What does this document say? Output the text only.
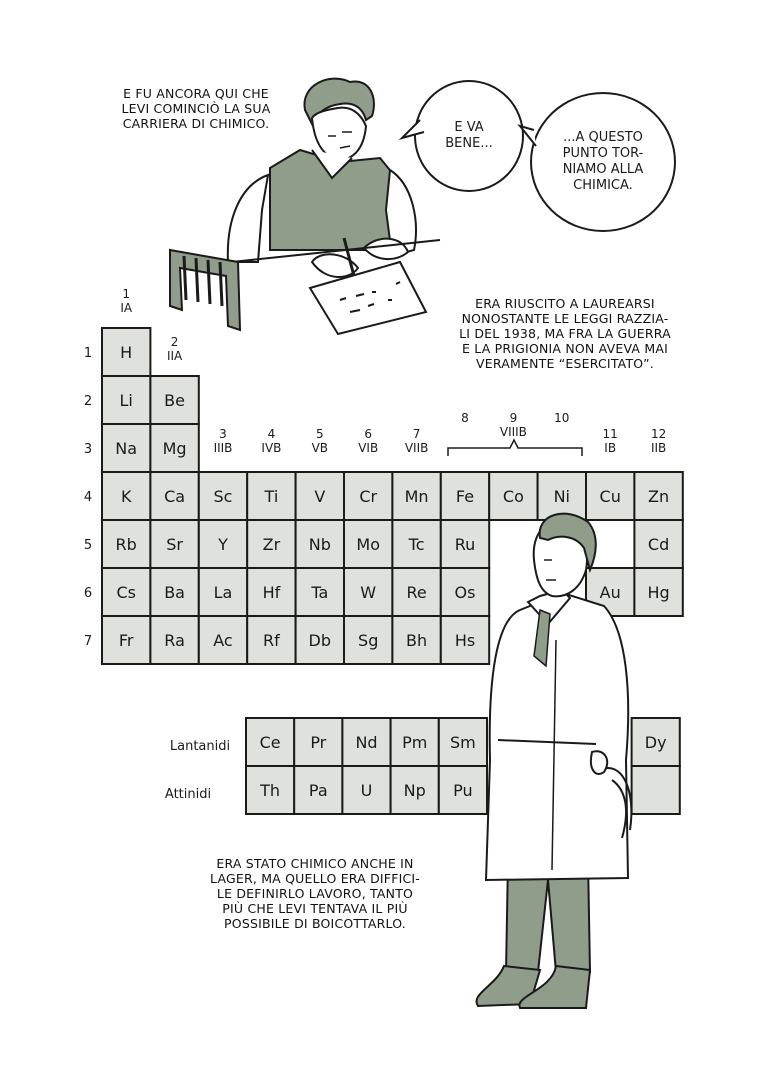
E FU ANCORA QUI CHE
LEVI COMINCIÒ LA SUA
CARRIERA DI CHIMICO.	E VA
BENE...	...A QUESTO
PUNTO TOR-
NIAMO ALLA
CHIMICA.
ERA RIUSCITO A LAUREARSI
NONOSTANTE LE LEGGI RAZZIA-
LI DEL 1938, MA FRA LA GUERRA
E LA PRIGIONIA NON AVEVA MAI
VERAMENTE “ESERCITATO”.
ERA STATO CHIMICO ANCHE IN
LAGER, MA QUELLO ERA DIFFICI-
LE DEFINIRLO LAVORO, TANTO
PIÙ CHE LEVI TENTAVA IL PIÙ
POSSIBILE DI BOICOTTARLO.
H
Li Be
Na Mg
K Ca Sc Ti V Cr Mn Fe Co Ni Cu Zn
Rb Sr Y Zr Nb Mo Tc Ru	Cd
Cs Ba La Hf Ta W Re Os	Au Hg
Fr Ra Ac Rf Db Sg Bh Hs
1
2
3
4
5
6
7
1
IA
2
IIA
3
IIIB
4
IVB
5
VB
6
VIB
7
VIIB
8	9
VIIIB
10
11
IB
12
IIB
Lantanidi
Attinidi
Ce Pr Nd Pm Sm	Dy
Th Pa U Np Pu
